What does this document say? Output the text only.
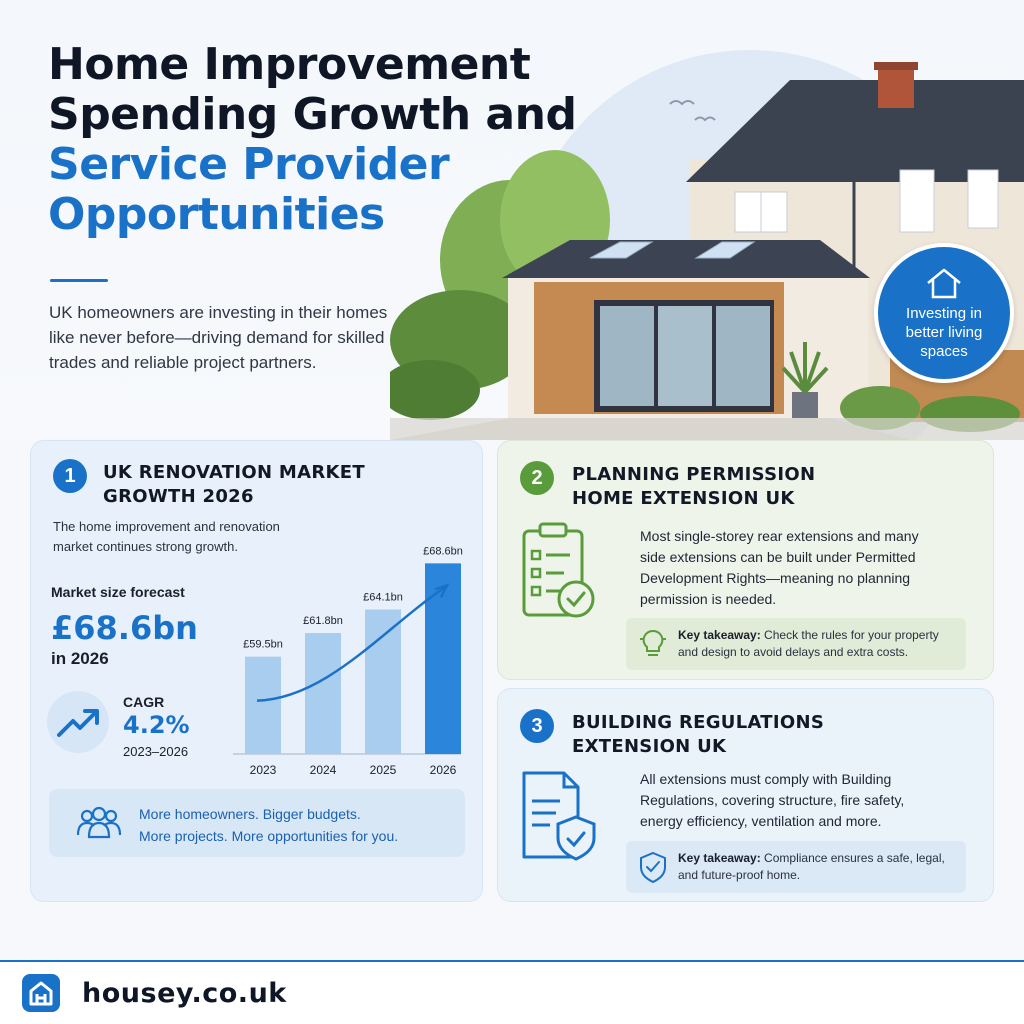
Home Improvement Spending Growth and
Service Provider Opportunities
UK homeowners are investing in their homes like never before—driving demand for skilled trades and reliable project partners.
Investing in better living spaces
1	UK RENOVATION MARKET GROWTH 2026
The home improvement and renovation market continues strong growth.
Market size forecast
£68.6bn
in 2026
CAGR
4.2%
2023–2026
£59.5bn
2023
£61.8bn
2024
£64.1bn
2025
£68.6bn
2026
More homeowners. Bigger budgets.
More projects. More opportunities for you.
2	PLANNING PERMISSION HOME EXTENSION UK
Most single-storey rear extensions and many side extensions can be built under Permitted Development Rights—meaning no planning permission is needed.
Key takeaway: Check the rules for your property and design to avoid delays and extra costs.
3	BUILDING REGULATIONS EXTENSION UK
All extensions must comply with Building Regulations, covering structure, fire safety, energy efficiency, ventilation and more.
Key takeaway: Compliance ensures a safe, legal, and future-proof home.
housey.co.uk
